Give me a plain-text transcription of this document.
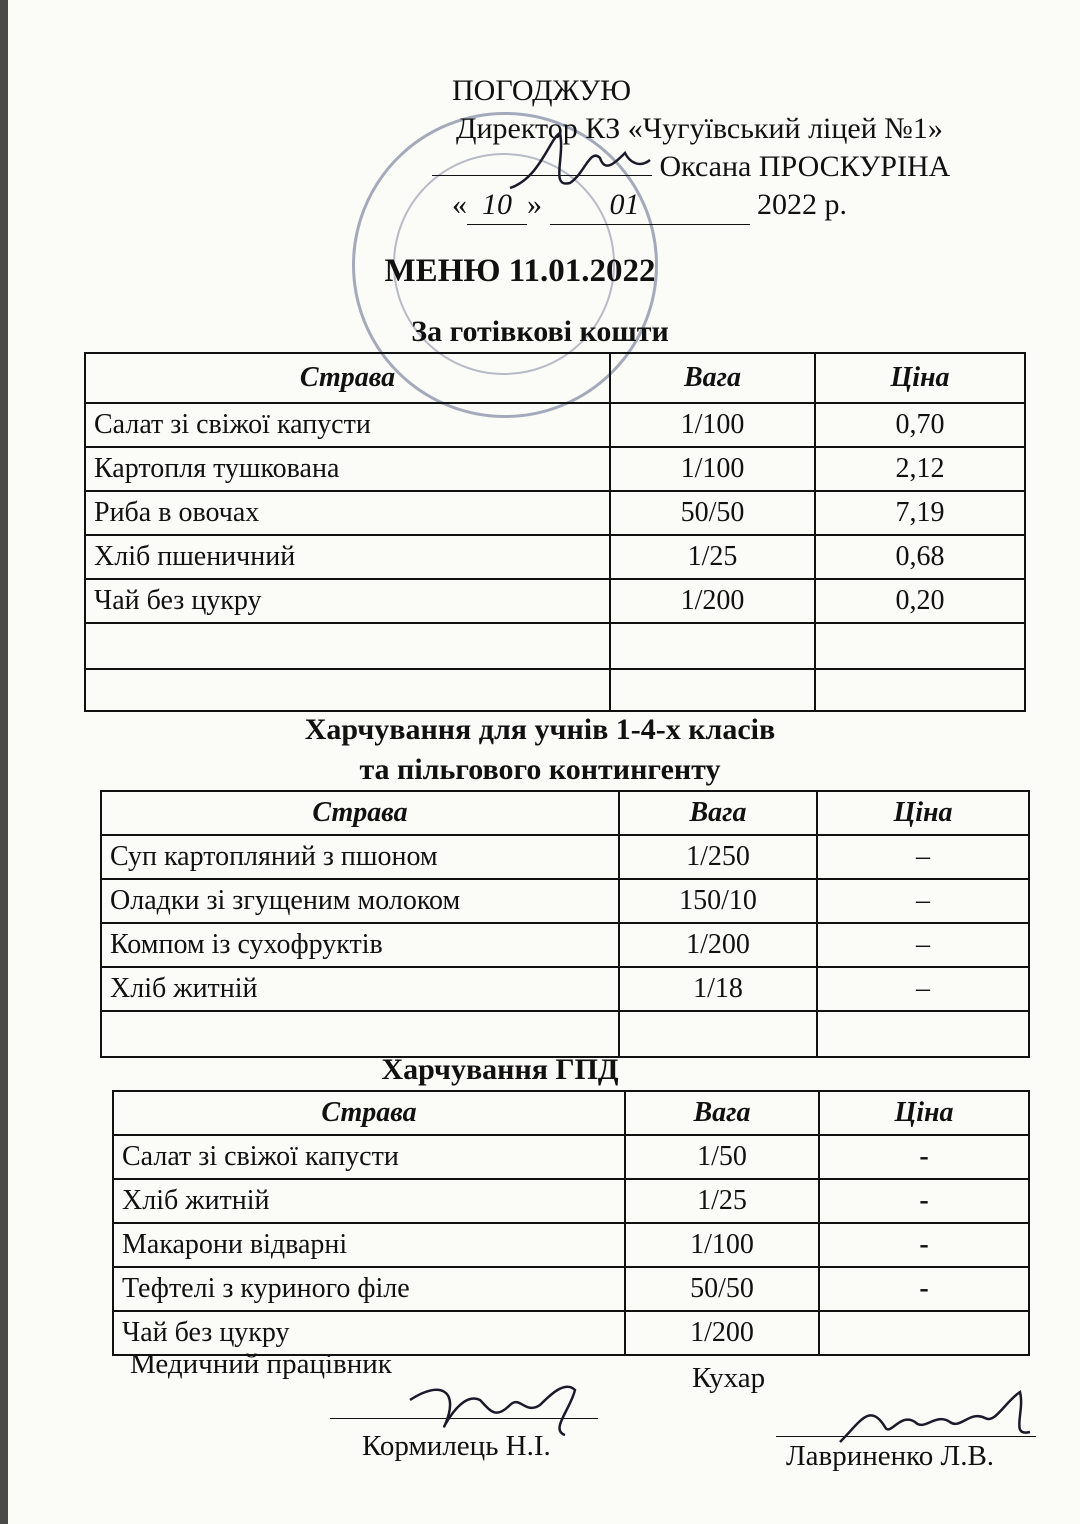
ПОГОДЖУЮ
Директор КЗ «Чугуївський ліцей №1»
Оксана ПРОСКУРІНА
« 10 » 01	2022 р.
МЕНЮ 11.01.2022
За готівкові кошти
Страва	Вага	Ціна
Салат зі свіжої капусти	1/100	0,70
Картопля тушкована	1/100	2,12
Риба в овочах	50/50	7,19
Хліб пшеничний	1/25	0,68
Чай без цукру	1/200	0,20

Харчування для учнів 1-4-х класів
та пільгового контингенту
Страва	Вага	Ціна
Суп картопляний з пшоном	1/250	–
Оладки зі згущеним молоком	150/10	–
Компом із сухофруктів	1/200	–
Хліб житній	1/18	–

Харчування ГПД
Страва	Вага	Ціна
Салат зі свіжої капусти	1/50	-
Хліб житній	1/25	-
Макарони відварні	1/100	-
Тефтелі з куриного філе	50/50	-
Чай без цукру	1/200	
Медичний працівник	Кухар
Кормилець Н.І.	Лавриненко Л.В.
